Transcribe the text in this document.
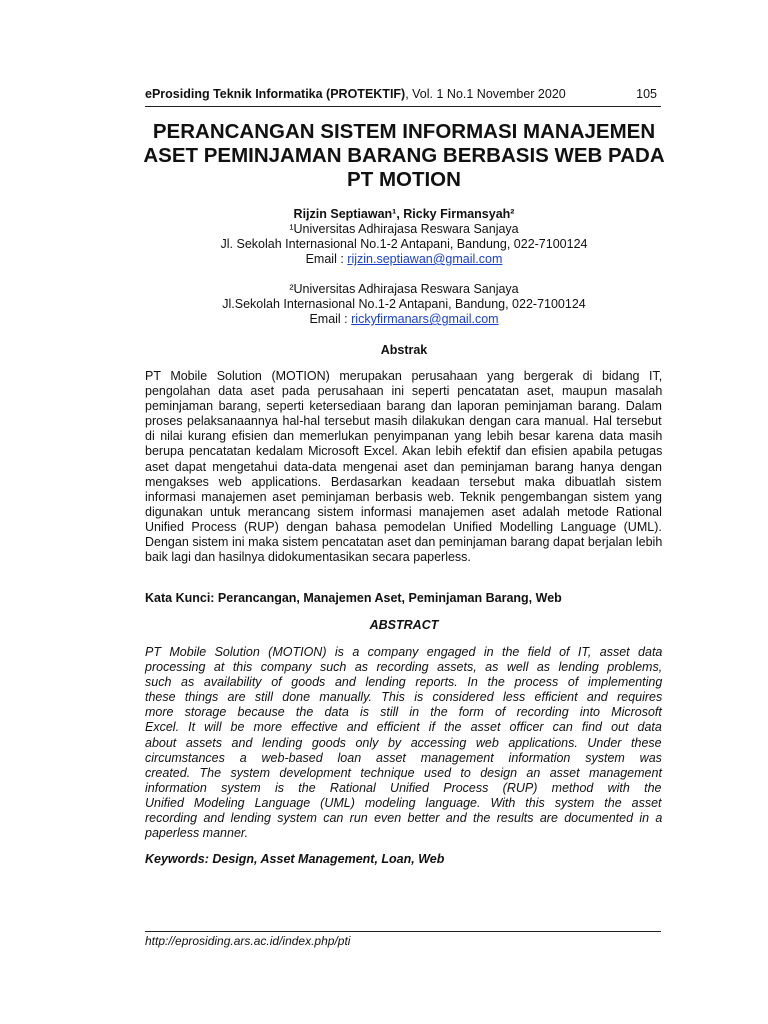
eProsiding Teknik Informatika (PROTEKTIF), Vol. 1 No.1 November 2020	105
PERANCANGAN SISTEM INFORMASI MANAJEMEN
ASET PEMINJAMAN BARANG BERBASIS WEB PADA
PT MOTION
Rijzin Septiawan¹, Ricky Firmansyah²
¹Universitas Adhirajasa Reswara Sanjaya
Jl. Sekolah Internasional No.1-2 Antapani, Bandung, 022-7100124
Email : rijzin.septiawan@gmail.com
²Universitas Adhirajasa Reswara Sanjaya
Jl.Sekolah Internasional No.1-2 Antapani, Bandung, 022-7100124
Email : rickyfirmanars@gmail.com
Abstrak
PT Mobile Solution (MOTION) merupakan perusahaan yang bergerak di bidang IT,
pengolahan data aset pada perusahaan ini seperti pencatatan aset, maupun masalah
peminjaman barang, seperti ketersediaan barang dan laporan peminjaman barang. Dalam
proses pelaksanaannya hal-hal tersebut masih dilakukan dengan cara manual. Hal tersebut
di nilai kurang efisien dan memerlukan penyimpanan yang lebih besar karena data masih
berupa pencatatan kedalam Microsoft Excel. Akan lebih efektif dan efisien apabila petugas
aset dapat mengetahui data-data mengenai aset dan peminjaman barang hanya dengan
mengakses web applications. Berdasarkan keadaan tersebut maka dibuatlah sistem
informasi manajemen aset peminjaman berbasis web. Teknik pengembangan sistem yang
digunakan untuk merancang sistem informasi manajemen aset adalah metode Rational
Unified Process (RUP) dengan bahasa pemodelan Unified Modelling Language (UML).
Dengan sistem ini maka sistem pencatatan aset dan peminjaman barang dapat berjalan lebih
baik lagi dan hasilnya didokumentasikan secara paperless.
Kata Kunci: Perancangan, Manajemen Aset, Peminjaman Barang, Web
ABSTRACT
PT Mobile Solution (MOTION) is a company engaged in the field of IT, asset data
processing at this company such as recording assets, as well as lending problems,
such as availability of goods and lending reports. In the process of implementing
these things are still done manually. This is considered less efficient and requires
more storage because the data is still in the form of recording into Microsoft
Excel. It will be more effective and efficient if the asset officer can find out data
about assets and lending goods only by accessing web applications. Under these
circumstances a web-based loan asset management information system was
created. The system development technique used to design an asset management
information system is the Rational Unified Process (RUP) method with the
Unified Modeling Language (UML) modeling language. With this system the asset
recording and lending system can run even better and the results are documented in a
paperless manner.
Keywords: Design, Asset Management, Loan, Web
http://eprosiding.ars.ac.id/index.php/pti
